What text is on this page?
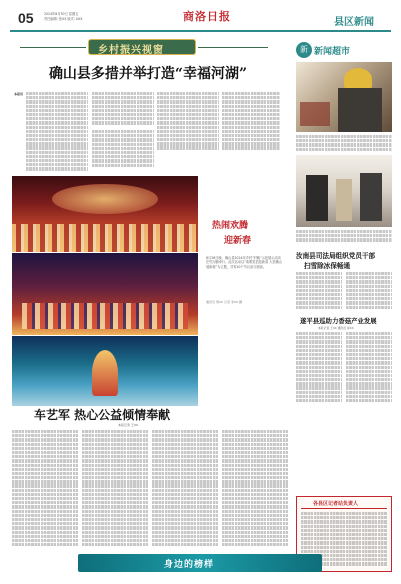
05	2024年8月30日 星期五
责任编辑: 张XX 版式: XXX	商洛日报	县区新闻
乡村振兴视窗
确山县多措并举打造“幸福河湖”
本报讯
热闹欢腾
迎新春
8月26日晚，确山县2024年乡村“村晚”示范展示活动在竹沟镇举行。此次活动以“欢歌笑语迎新春 大美确山展新貌”为主题，共有20个节目参与展演。
通讯员 周XX 记者 李XX 摄
新 新闻超市
汝南县司法局组织党员干部
扫雪除冰保畅通
遂平县巡助力香菇产业发展
本报记者 王XX 通讯员 李XX
车艺军 热心公益倾情奉献
本报记者 王XX
各县区记者站负责人
身边的榜样
